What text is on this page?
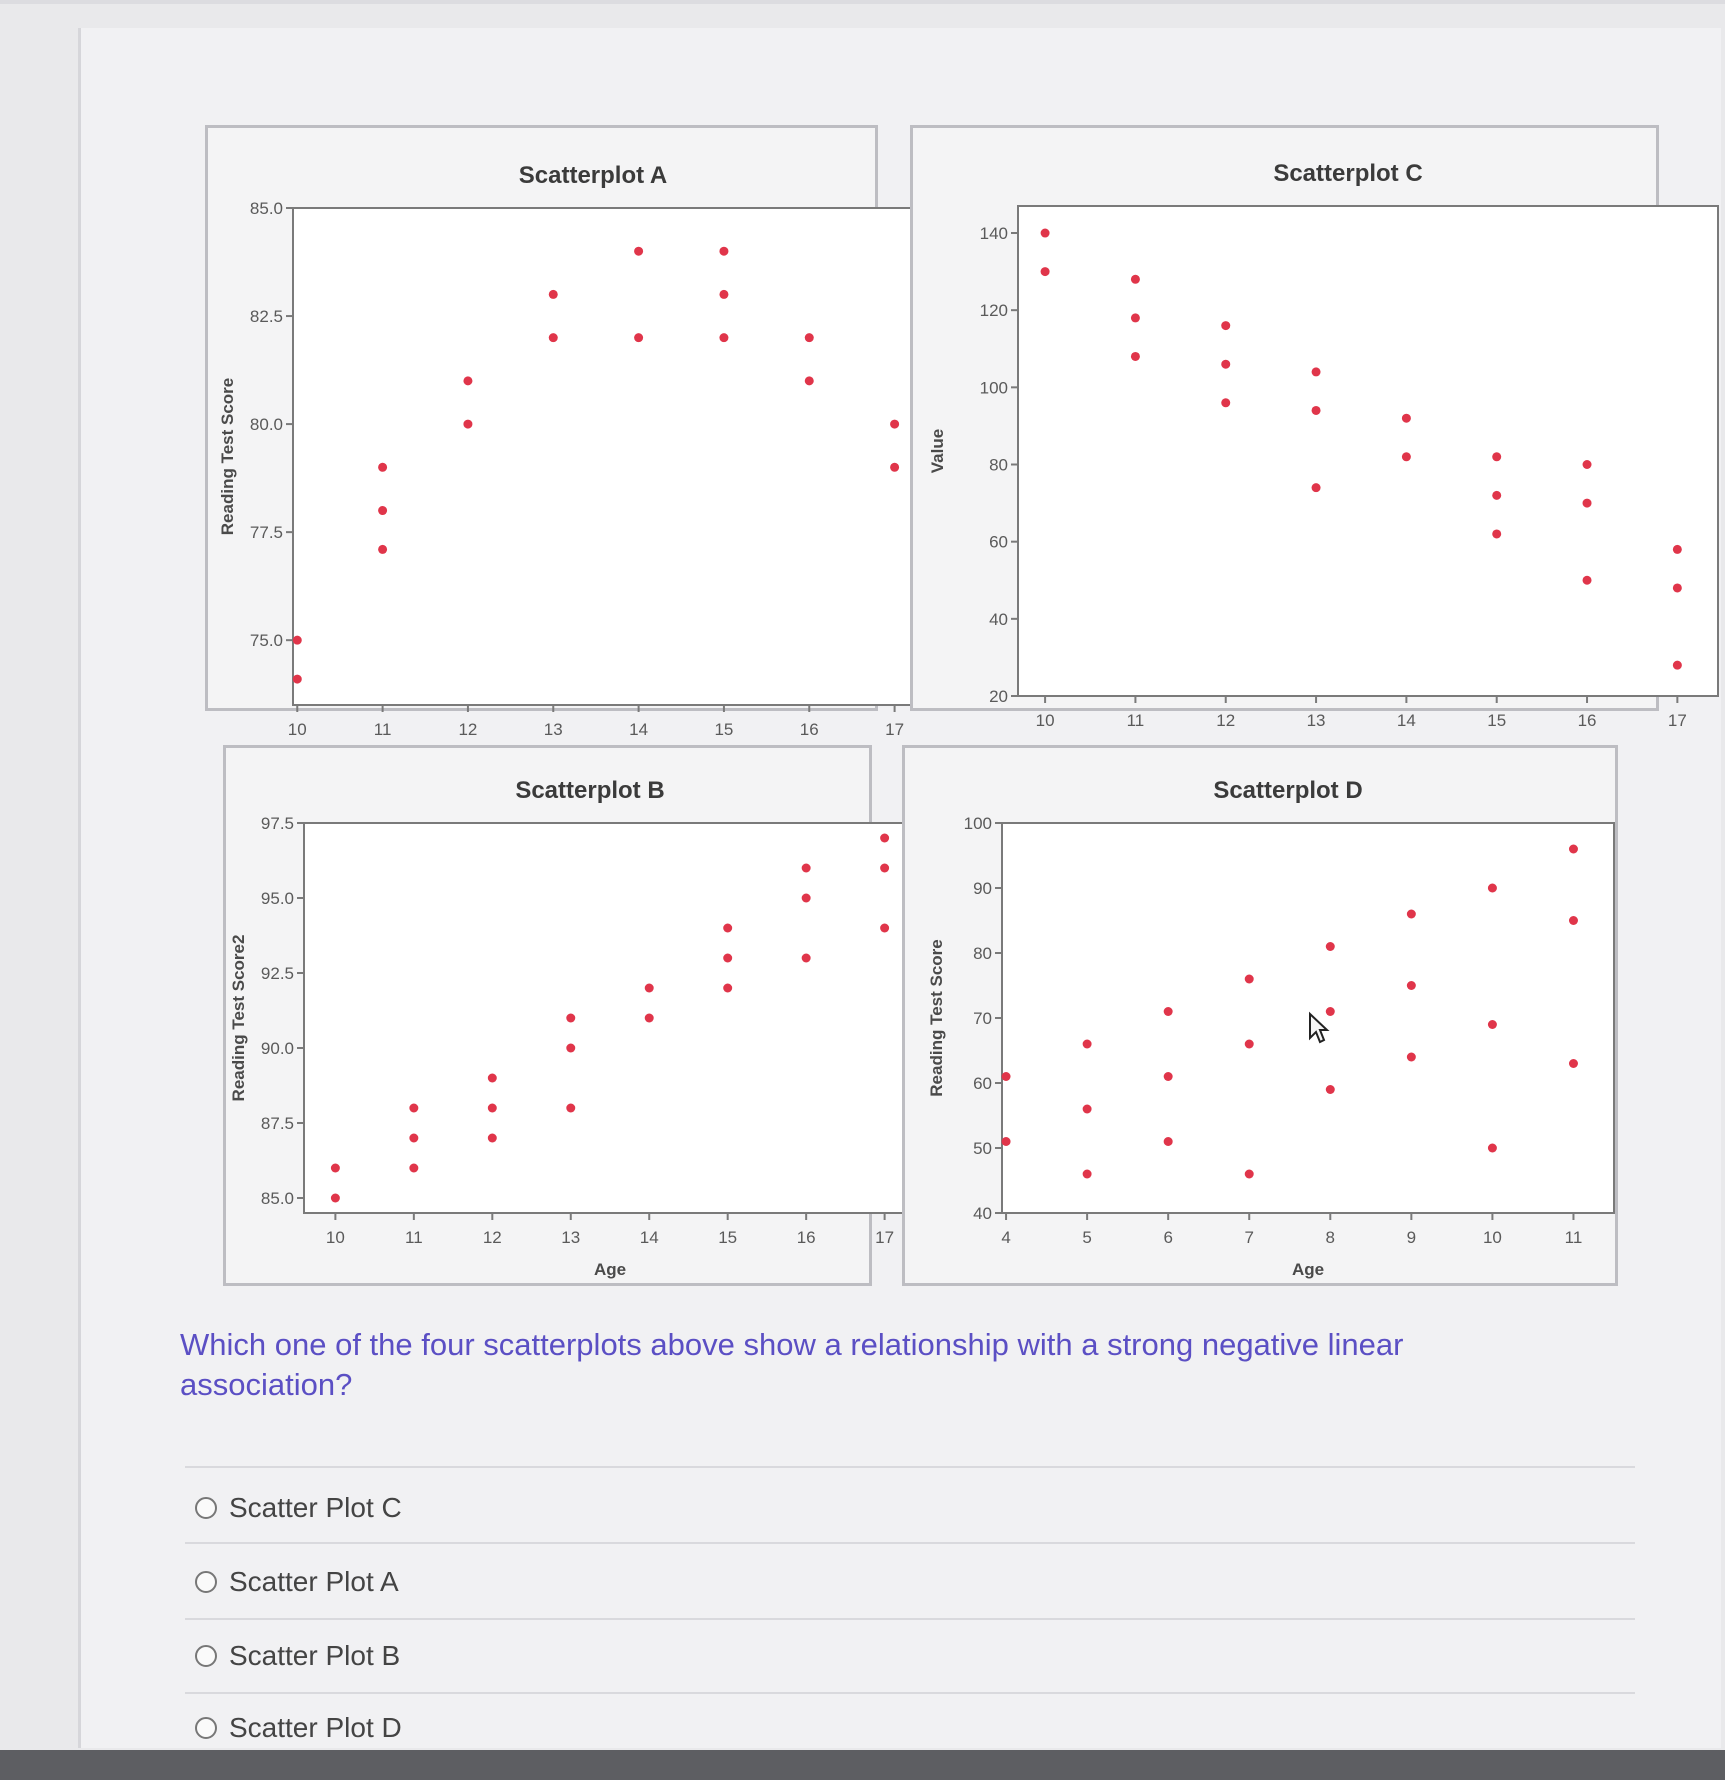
Scatterplot A
75.0
77.5
80.0
82.5
85.0
10	11	12	13	14	15	16	17
Reading Test Score
Scatterplot C
20
40
60
80
100
120
140
10	11	12	13	14	15	16	17
Value
Scatterplot B
85.0
87.5
90.0
92.5
95.0
97.5
10	11	12	13	14	15	16	17
Age
Reading Test Score2
Scatterplot D
40
50
60
70
80
90
100
4	5	6	7	8	9	10	11
Age
Reading Test Score
Which one of the four scatterplots above show a relationship with a strong negative linear association?
Scatter Plot C
Scatter Plot A
Scatter Plot B
Scatter Plot D
